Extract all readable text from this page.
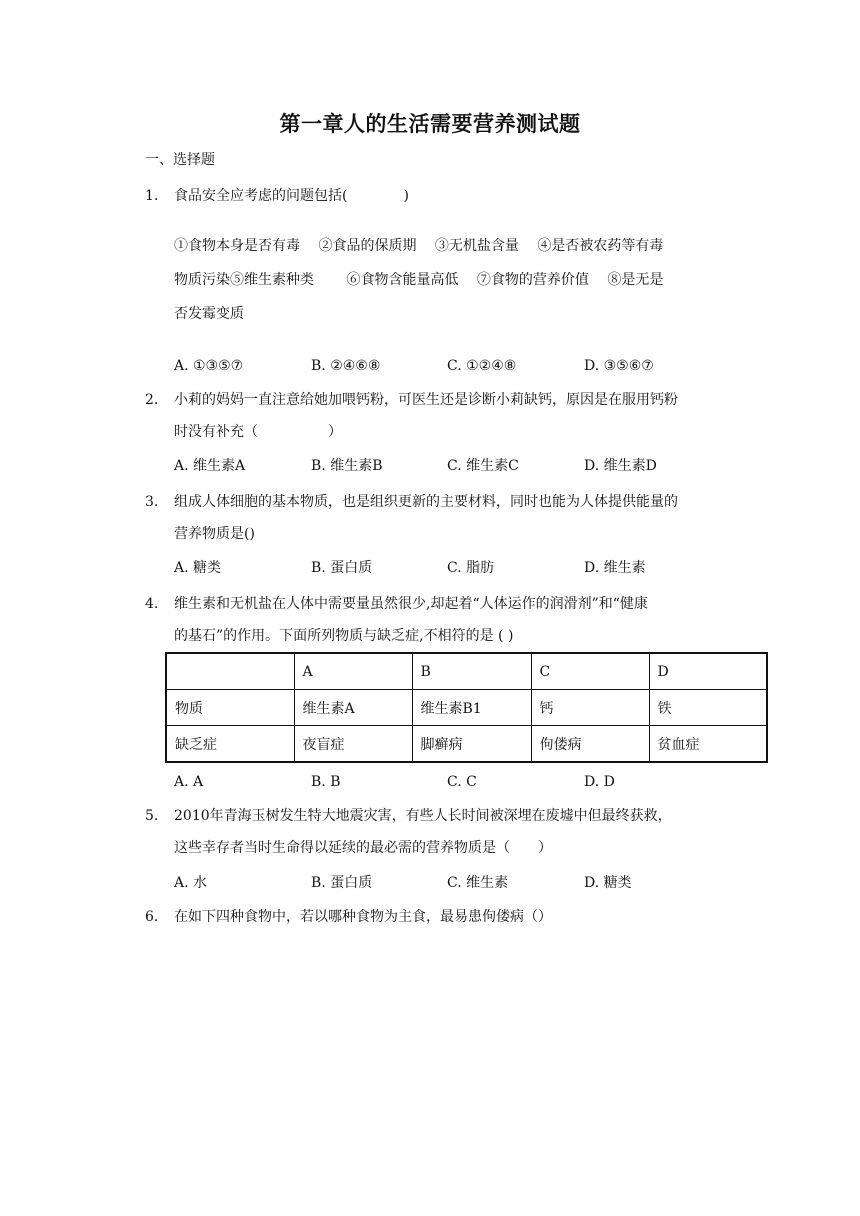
第一章人的生活需要营养测试题
一、选择题
1. 食品安全应考虑的问题包括(　　　　)
①食物本身是否有毒　 ②食品的保质期　 ③无机盐含量　 ④是否被农药等有毒
物质污染⑤维生素种类　　 ⑥食物含能量高低　 ⑦食物的营养价值　 ⑧是无是
否发霉变质
A. ①③⑤⑦	B. ②④⑥⑧	C. ①②④⑧	D. ③⑤⑥⑦
2. 小莉的妈妈一直注意给她加喂钙粉，可医生还是诊断小莉缺钙，原因是在服用钙粉
时没有补充（　　　　　）
A. 维生素A	B. 维生素B	C. 维生素C	D. 维生素D
3. 组成人体细胞的基本物质，也是组织更新的主要材料，同时也能为人体提供能量的
营养物质是()
A. 糖类	B. 蛋白质	C. 脂肪	D. 维生素
4. 维生素和无机盐在人体中需要量虽然很少,却起着“人体运作的润滑剂”和“健康
的基石”的作用。下面所列物质与缺乏症,不相符的是 ( )
	A	B	C	D
物质	维生素A	维生素B1	钙	铁
缺乏症	夜盲症	脚癣病	佝偻病	贫血症
A. A	B. B	C. C	D. D
5. 2010年青海玉树发生特大地震灾害，有些人长时间被深埋在废墟中但最终获救，
这些幸存者当时生命得以延续的最必需的营养物质是（　　）
A. 水	B. 蛋白质	C. 维生素	D. 糖类
6. 在如下四种食物中，若以哪种食物为主食，最易患佝偻病（）
